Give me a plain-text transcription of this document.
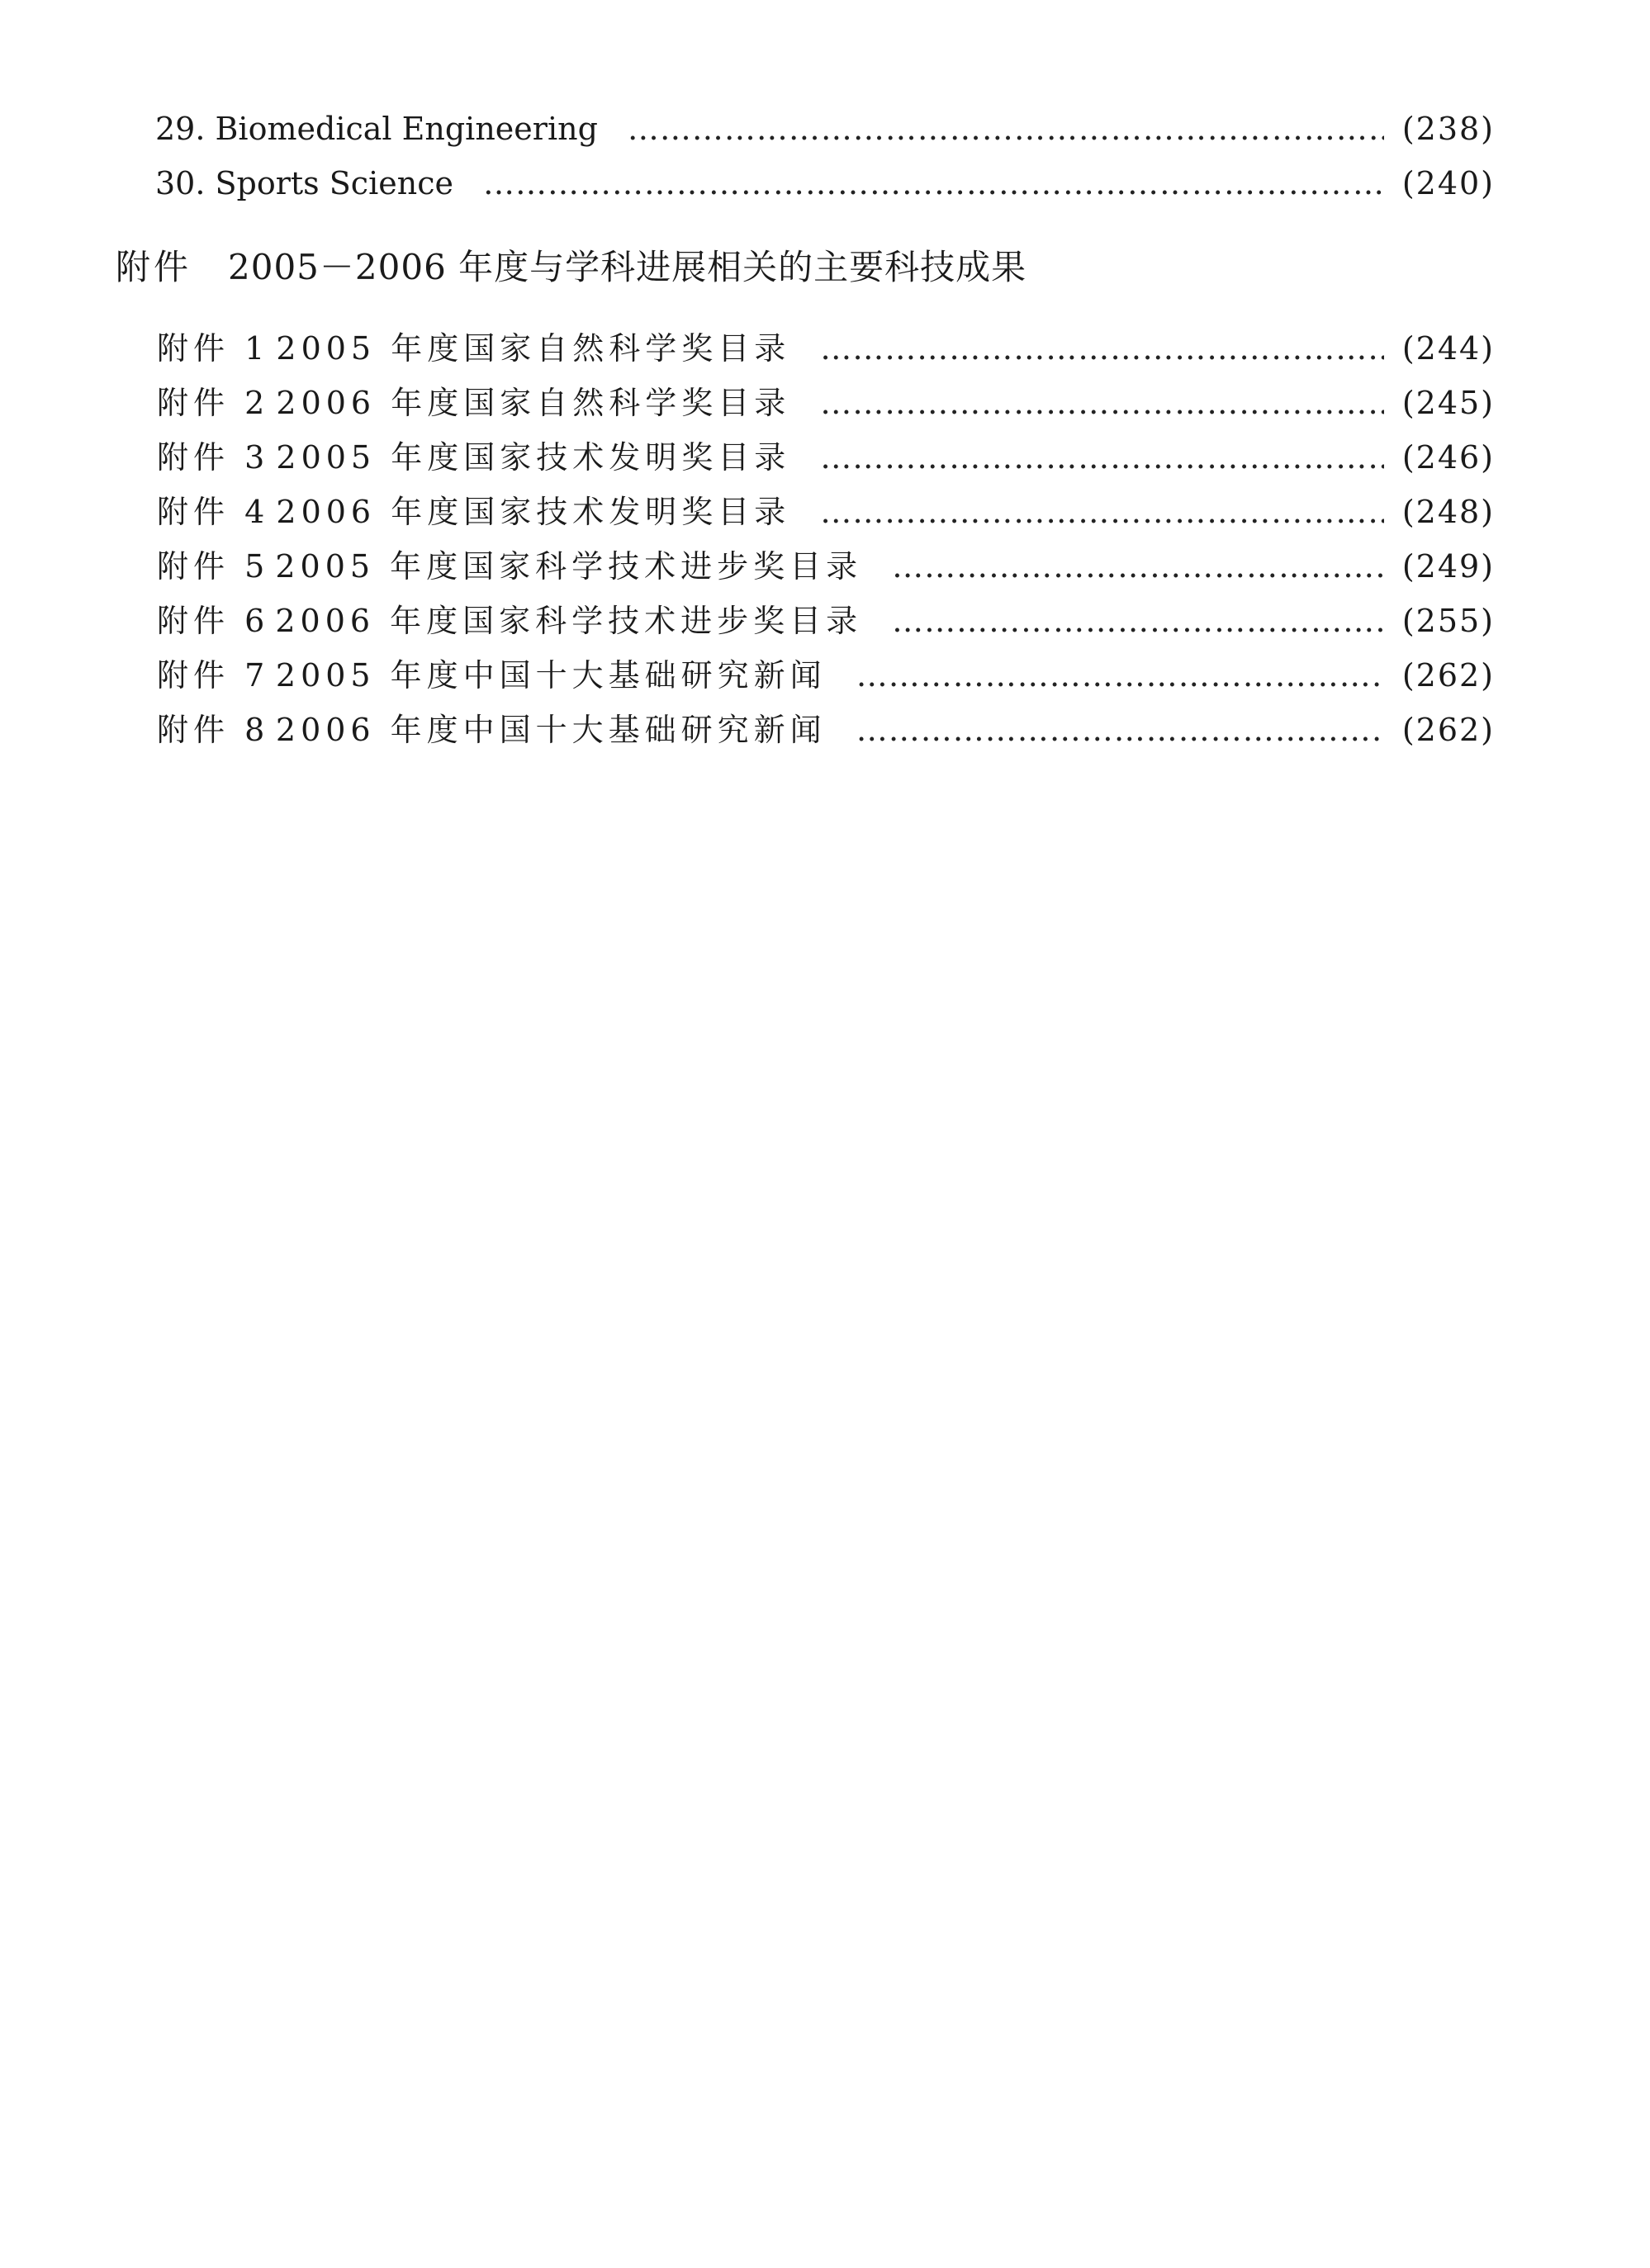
29. Biomedical Engineering ……………………………………………………………………………………………………………………………………………………………………………………………………………………………………	(238)
30. Sports Science ……………………………………………………………………………………………………………………………………………………………………………………………………………………………………	(240)
附件 2005－2006 年度与学科进展相关的主要科技成果
附件 1 2005 年度国家自然科学奖目录 ……………………………………………………………………………………………………………………………………………………………………………………………………………………………………	(244)
附件 2 2006 年度国家自然科学奖目录 ……………………………………………………………………………………………………………………………………………………………………………………………………………………………………	(245)
附件 3 2005 年度国家技术发明奖目录 ……………………………………………………………………………………………………………………………………………………………………………………………………………………………………	(246)
附件 4 2006 年度国家技术发明奖目录 ……………………………………………………………………………………………………………………………………………………………………………………………………………………………………	(248)
附件 5 2005 年度国家科学技术进步奖目录 ……………………………………………………………………………………………………………………………………………………………………………………………………………………………………	(249)
附件 6 2006 年度国家科学技术进步奖目录 ……………………………………………………………………………………………………………………………………………………………………………………………………………………………………	(255)
附件 7 2005 年度中国十大基础研究新闻 ……………………………………………………………………………………………………………………………………………………………………………………………………………………………………	(262)
附件 8 2006 年度中国十大基础研究新闻 ……………………………………………………………………………………………………………………………………………………………………………………………………………………………………	(262)
